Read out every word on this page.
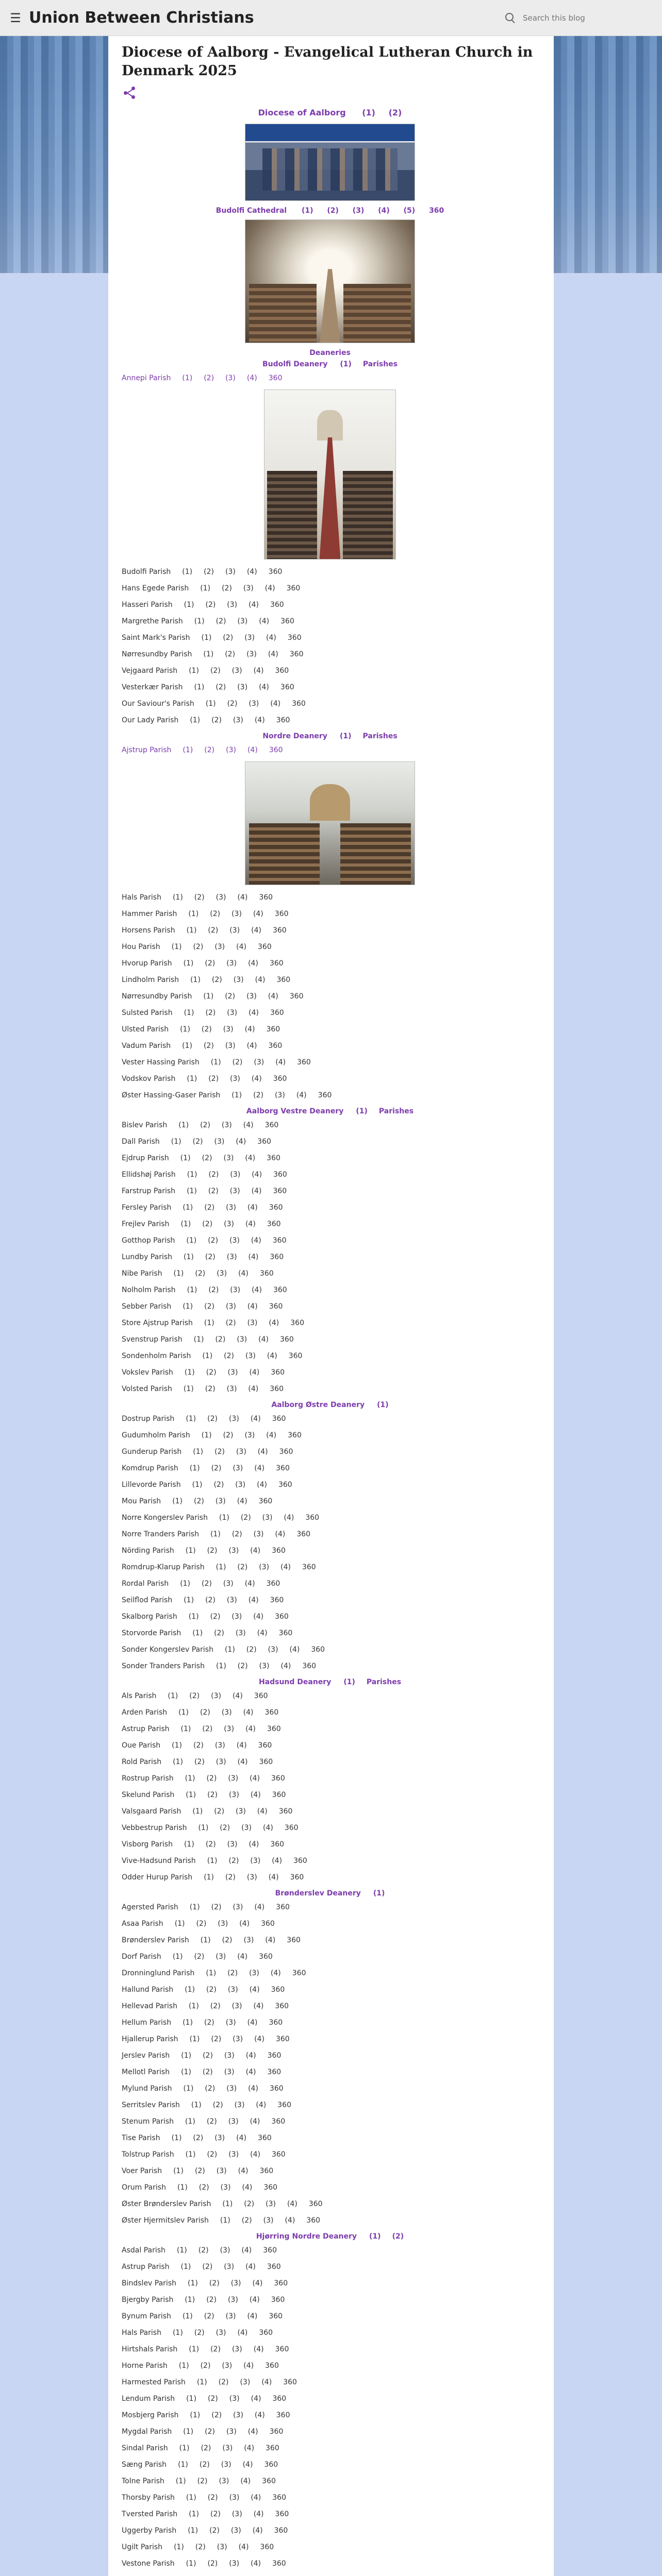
☰ Union Between Christians
Search this blog
Diocese of Aalborg - Evangelical Lutheran Church in Denmark 2025
Diocese of Aalborg (1) (2)
Budolfi Cathedral (1) (2) (3) (4) (5) 360
Deaneries
Budolfi Deanery (1) Parishes
Annepi Parish (1) (2) (3) (4) 360
Budolfi Parish (1) (2) (3) (4) 360
Hans Egede Parish (1) (2) (3) (4) 360
Hasseri Parish (1) (2) (3) (4) 360
Margrethe Parish (1) (2) (3) (4) 360
Saint Mark's Parish (1) (2) (3) (4) 360
Nørresundby Parish (1) (2) (3) (4) 360
Vejgaard Parish (1) (2) (3) (4) 360
Vesterkær Parish (1) (2) (3) (4) 360
Our Saviour's Parish (1) (2) (3) (4) 360
Our Lady Parish (1) (2) (3) (4) 360
Nordre Deanery (1) Parishes
Ajstrup Parish (1) (2) (3) (4) 360
Hals Parish (1) (2) (3) (4) 360
Hammer Parish (1) (2) (3) (4) 360
Horsens Parish (1) (2) (3) (4) 360
Hou Parish (1) (2) (3) (4) 360
Hvorup Parish (1) (2) (3) (4) 360
Lindholm Parish (1) (2) (3) (4) 360
Nørresundby Parish (1) (2) (3) (4) 360
Sulsted Parish (1) (2) (3) (4) 360
Ulsted Parish (1) (2) (3) (4) 360
Vadum Parish (1) (2) (3) (4) 360
Vester Hassing Parish (1) (2) (3) (4) 360
Vodskov Parish (1) (2) (3) (4) 360
Øster Hassing-Gaser Parish (1) (2) (3) (4) 360
Aalborg Vestre Deanery (1) Parishes
Bislev Parish (1) (2) (3) (4) 360
Dall Parish (1) (2) (3) (4) 360
Ejdrup Parish (1) (2) (3) (4) 360
Ellidshøj Parish (1) (2) (3) (4) 360
Farstrup Parish (1) (2) (3) (4) 360
Fersley Parish (1) (2) (3) (4) 360
Frejlev Parish (1) (2) (3) (4) 360
Gotthop Parish (1) (2) (3) (4) 360
Lundby Parish (1) (2) (3) (4) 360
Nibe Parish (1) (2) (3) (4) 360
Nolholm Parish (1) (2) (3) (4) 360
Sebber Parish (1) (2) (3) (4) 360
Store Ajstrup Parish (1) (2) (3) (4) 360
Svenstrup Parish (1) (2) (3) (4) 360
Sondenholm Parish (1) (2) (3) (4) 360
Vokslev Parish (1) (2) (3) (4) 360
Volsted Parish (1) (2) (3) (4) 360
Aalborg Østre Deanery (1)
Dostrup Parish (1) (2) (3) (4) 360
Gudumholm Parish (1) (2) (3) (4) 360
Gunderup Parish (1) (2) (3) (4) 360
Komdrup Parish (1) (2) (3) (4) 360
Lillevorde Parish (1) (2) (3) (4) 360
Mou Parish (1) (2) (3) (4) 360
Norre Kongerslev Parish (1) (2) (3) (4) 360
Norre Tranders Parish (1) (2) (3) (4) 360
Nörding Parish (1) (2) (3) (4) 360
Romdrup-Klarup Parish (1) (2) (3) (4) 360
Rordal Parish (1) (2) (3) (4) 360
Seilflod Parish (1) (2) (3) (4) 360
Skalborg Parish (1) (2) (3) (4) 360
Storvorde Parish (1) (2) (3) (4) 360
Sonder Kongerslev Parish (1) (2) (3) (4) 360
Sonder Tranders Parish (1) (2) (3) (4) 360
Hadsund Deanery (1) Parishes
Als Parish (1) (2) (3) (4) 360
Arden Parish (1) (2) (3) (4) 360
Astrup Parish (1) (2) (3) (4) 360
Oue Parish (1) (2) (3) (4) 360
Rold Parish (1) (2) (3) (4) 360
Rostrup Parish (1) (2) (3) (4) 360
Skelund Parish (1) (2) (3) (4) 360
Valsgaard Parish (1) (2) (3) (4) 360
Vebbestrup Parish (1) (2) (3) (4) 360
Visborg Parish (1) (2) (3) (4) 360
Vive-Hadsund Parish (1) (2) (3) (4) 360
Odder Hurup Parish (1) (2) (3) (4) 360
Brønderslev Deanery (1)
Agersted Parish (1) (2) (3) (4) 360
Asaa Parish (1) (2) (3) (4) 360
Brønderslev Parish (1) (2) (3) (4) 360
Dorf Parish (1) (2) (3) (4) 360
Dronninglund Parish (1) (2) (3) (4) 360
Hallund Parish (1) (2) (3) (4) 360
Hellevad Parish (1) (2) (3) (4) 360
Hellum Parish (1) (2) (3) (4) 360
Hjallerup Parish (1) (2) (3) (4) 360
Jerslev Parish (1) (2) (3) (4) 360
Mellotl Parish (1) (2) (3) (4) 360
Mylund Parish (1) (2) (3) (4) 360
Serritslev Parish (1) (2) (3) (4) 360
Stenum Parish (1) (2) (3) (4) 360
Tise Parish (1) (2) (3) (4) 360
Tolstrup Parish (1) (2) (3) (4) 360
Voer Parish (1) (2) (3) (4) 360
Orum Parish (1) (2) (3) (4) 360
Øster Brønderslev Parish (1) (2) (3) (4) 360
Øster Hjermitslev Parish (1) (2) (3) (4) 360
Hjørring Nordre Deanery (1) (2)
Asdal Parish (1) (2) (3) (4) 360
Astrup Parish (1) (2) (3) (4) 360
Bindslev Parish (1) (2) (3) (4) 360
Bjergby Parish (1) (2) (3) (4) 360
Bynum Parish (1) (2) (3) (4) 360
Hals Parish (1) (2) (3) (4) 360
Hirtshals Parish (1) (2) (3) (4) 360
Horne Parish (1) (2) (3) (4) 360
Harmested Parish (1) (2) (3) (4) 360
Lendum Parish (1) (2) (3) (4) 360
Mosbjerg Parish (1) (2) (3) (4) 360
Mygdal Parish (1) (2) (3) (4) 360
Sindal Parish (1) (2) (3) (4) 360
Sæng Parish (1) (2) (3) (4) 360
Tolne Parish (1) (2) (3) (4) 360
Thorsby Parish (1) (2) (3) (4) 360
Tversted Parish (1) (2) (3) (4) 360
Uggerby Parish (1) (2) (3) (4) 360
Ugilt Parish (1) (2) (3) (4) 360
Vestone Parish (1) (2) (3) (4) 360
